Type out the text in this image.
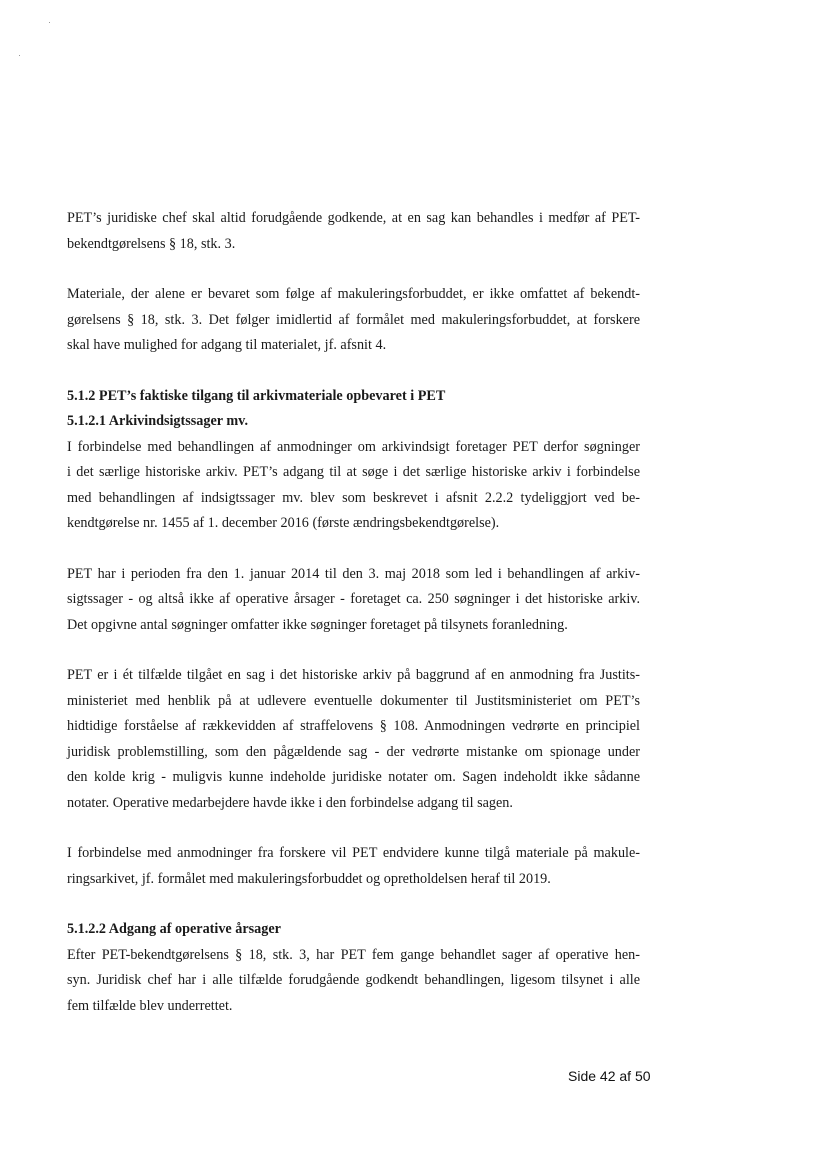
PET’s juridiske chef skal altid forudgående godkende, at en sag kan behandles i medfør af PET-
bekendtgørelsens § 18, stk. 3.

Materiale, der alene er bevaret som følge af makuleringsforbuddet, er ikke omfattet af bekendt-
gørelsens § 18, stk. 3. Det følger imidlertid af formålet med makuleringsforbuddet, at forskere
skal have mulighed for adgang til materialet, jf. afsnit 4.

5.1.2 PET’s faktiske tilgang til arkivmateriale opbevaret i PET
5.1.2.1 Arkivindsigtssager mv.

I forbindelse med behandlingen af anmodninger om arkivindsigt foretager PET derfor søgninger
i det særlige historiske arkiv. PET’s adgang til at søge i det særlige historiske arkiv i forbindelse
med behandlingen af indsigtssager mv. blev som beskrevet i afsnit 2.2.2 tydeliggjort ved be-
kendtgørelse nr. 1455 af 1. december 2016 (første ændringsbekendtgørelse).

PET har i perioden fra den 1. januar 2014 til den 3. maj 2018 som led i behandlingen af arkiv-
sigtssager - og altså ikke af operative årsager - foretaget ca. 250 søgninger i det historiske arkiv.
Det opgivne antal søgninger omfatter ikke søgninger foretaget på tilsynets foranledning.

PET er i ét tilfælde tilgået en sag i det historiske arkiv på baggrund af en anmodning fra Justits-
ministeriet med henblik på at udlevere eventuelle dokumenter til Justitsministeriet om PET’s
hidtidige forståelse af rækkevidden af straffelovens § 108. Anmodningen vedrørte en principiel
juridisk problemstilling, som den pågældende sag - der vedrørte mistanke om spionage under
den kolde krig - muligvis kunne indeholde juridiske notater om. Sagen indeholdt ikke sådanne
notater. Operative medarbejdere havde ikke i den forbindelse adgang til sagen.

I forbindelse med anmodninger fra forskere vil PET endvidere kunne tilgå materiale på makule-
ringsarkivet, jf. formålet med makuleringsforbuddet og opretholdelsen heraf til 2019.

5.1.2.2 Adgang af operative årsager

Efter PET-bekendtgørelsens § 18, stk. 3, har PET fem gange behandlet sager af operative hen-
syn. Juridisk chef har i alle tilfælde forudgående godkendt behandlingen, ligesom tilsynet i alle
fem tilfælde blev underrettet.

Side 42 af 50
